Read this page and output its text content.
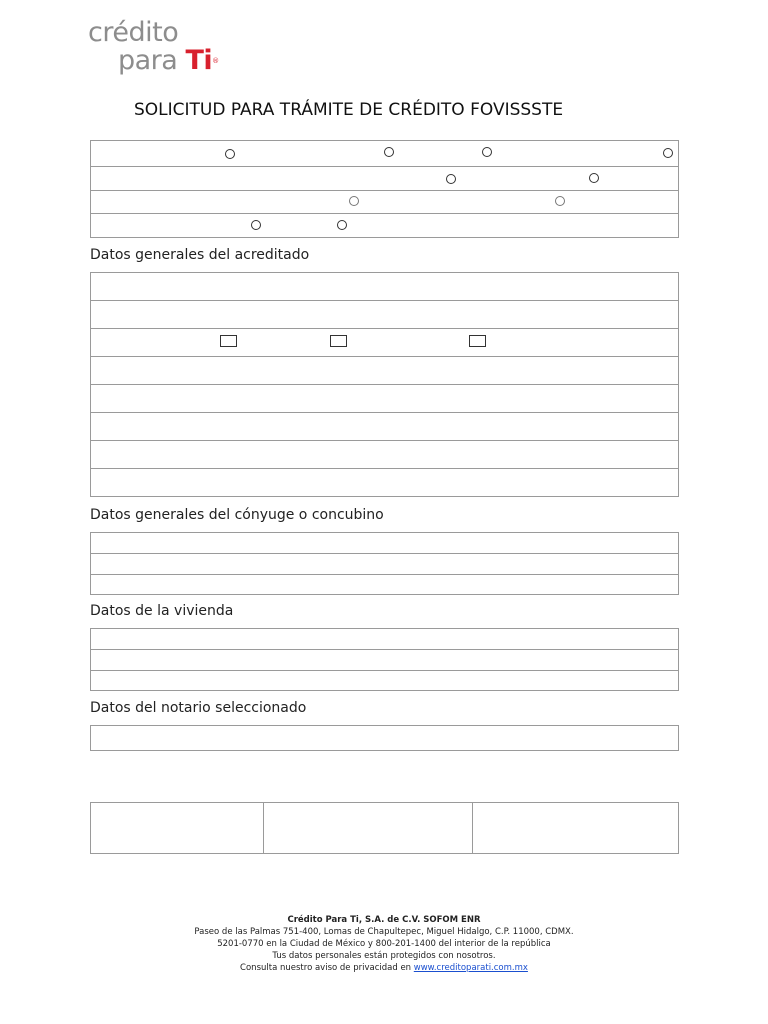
crédito
para Ti®
SOLICITUD PARA TRÁMITE DE CRÉDITO FOVISSSTE
Datos generales del acreditado
Datos generales del cónyuge o concubino
Datos de la vivienda
Datos del notario seleccionado
Crédito Para Ti, S.A. de C.V. SOFOM ENR
Paseo de las Palmas 751-400, Lomas de Chapultepec, Miguel Hidalgo, C.P. 11000, CDMX.
5201-0770 en la Ciudad de México y 800-201-1400 del interior de la república
Tus datos personales están protegidos con nosotros.
Consulta nuestro aviso de privacidad en www.creditoparati.com.mx
